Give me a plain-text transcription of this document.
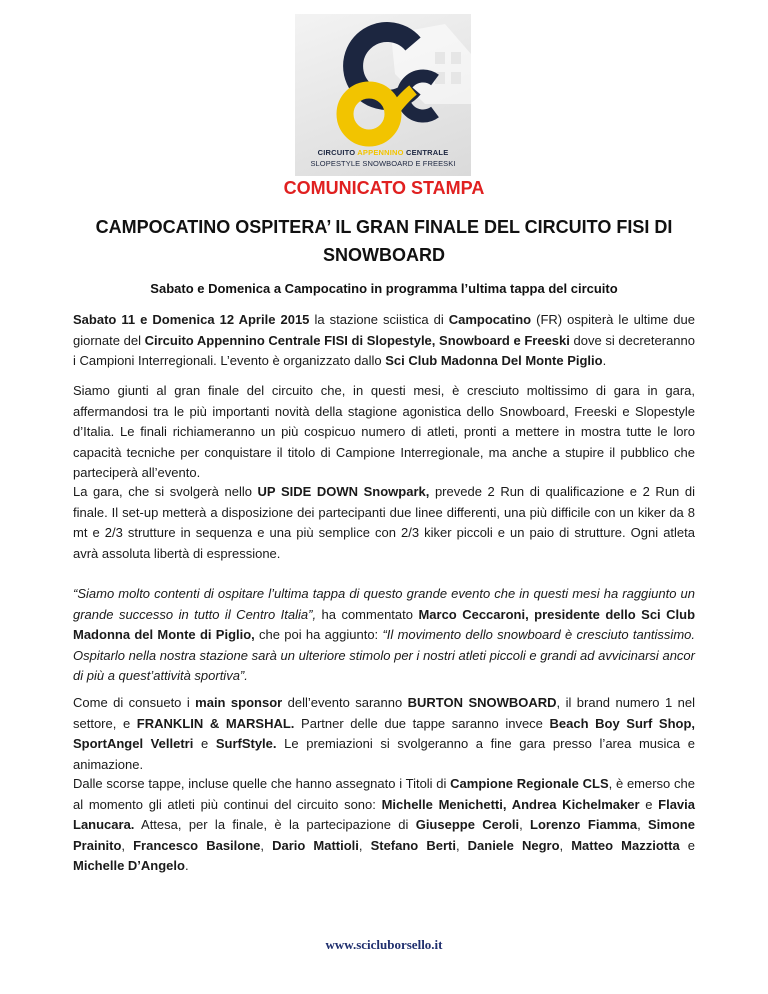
CIRCUITO APPENNINO CENTRALE
SLOPESTYLE SNOWBOARD E FREESKI
COMUNICATO STAMPA
CAMPOCATINO OSPITERA’ IL GRAN FINALE DEL CIRCUITO FISI DI SNOWBOARD
Sabato e Domenica a Campocatino in programma l’ultima tappa del circuito

Sabato 11 e Domenica 12 Aprile 2015 la stazione sciistica di Campocatino (FR) ospiterà le ultime due giornate del Circuito Appennino Centrale FISI di Slopestyle, Snowboard e Freeski dove si decreteranno i Campioni Interregionali. L’evento è organizzato dallo Sci Club Madonna Del Monte Piglio.

Siamo giunti al gran finale del circuito che, in questi mesi, è cresciuto moltissimo di gara in gara, affermandosi tra le più importanti novità della stagione agonistica dello Snowboard, Freeski e Slopestyle d’Italia. Le finali richiameranno un più cospicuo numero di atleti, pronti a mettere in mostra tutte le loro capacità tecniche per conquistare il titolo di Campione Interregionale, ma anche a stupire il pubblico che parteciperà all’evento.

La gara, che si svolgerà nello UP SIDE DOWN Snowpark, prevede 2 Run di qualificazione e 2 Run di finale. Il set-up metterà a disposizione dei partecipanti due linee differenti, una più difficile con un kiker da 8 mt e 2/3 strutture in sequenza e una più semplice con 2/3 kiker piccoli e un paio di strutture. Ogni atleta avrà assoluta libertà di espressione.

“Siamo molto contenti di ospitare l’ultima tappa di questo grande evento che in questi mesi ha raggiunto un grande successo in tutto il Centro Italia”, ha commentato Marco Ceccaroni, presidente dello Sci Club Madonna del Monte di Piglio, che poi ha aggiunto: “Il movimento dello snowboard è cresciuto tantissimo. Ospitarlo nella nostra stazione sarà un ulteriore stimolo per i nostri atleti piccoli e grandi ad avvicinarsi ancor di più a quest’attività sportiva”.

Come di consueto i main sponsor dell’evento saranno BURTON SNOWBOARD, il brand numero 1 nel settore, e FRANKLIN & MARSHAL. Partner delle due tappe saranno invece Beach Boy Surf Shop, SportAngel Velletri e SurfStyle. Le premiazioni si svolgeranno a fine gara presso l’area musica e animazione.

Dalle scorse tappe, incluse quelle che hanno assegnato i Titoli di Campione Regionale CLS, è emerso che al momento gli atleti più continui del circuito sono: Michelle Menichetti, Andrea Kichelmaker e Flavia Lanucara. Attesa, per la finale, è la partecipazione di Giuseppe Ceroli, Lorenzo Fiamma, Simone Prainito, Francesco Basilone, Dario Mattioli, Stefano Berti, Daniele Negro, Matteo Mazziotta e Michelle D’Angelo.

www.scicluborsello.it
